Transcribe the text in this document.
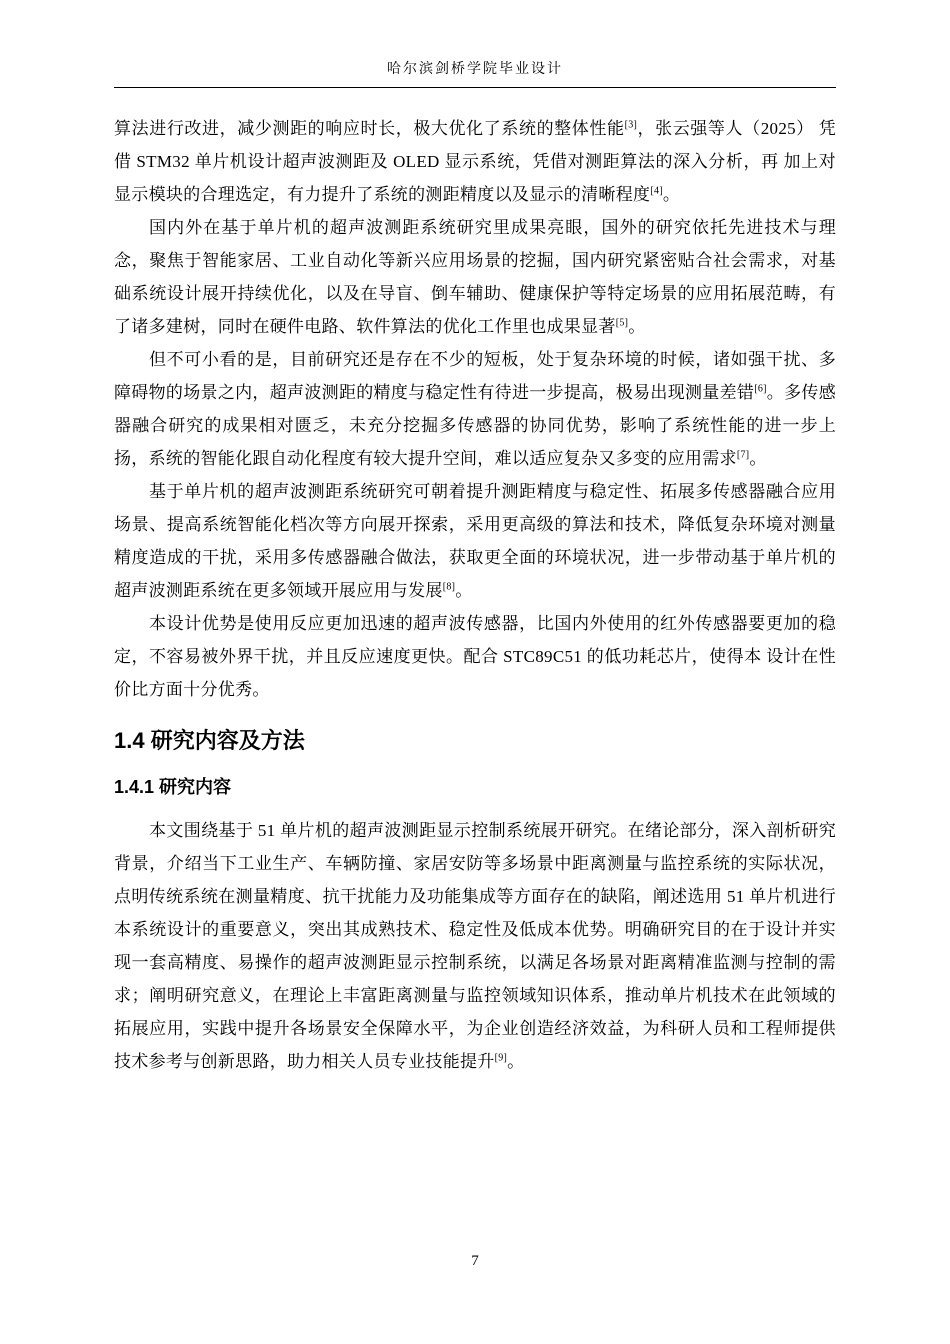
哈尔滨剑桥学院毕业设计

算法进行改进，减少测距的响应时长，极大优化了系统的整体性能[3]，张云强等人（2025） 凭借 STM32 单片机设计超声波测距及 OLED 显示系统，凭借对测距算法的深入分析，再 加上对显示模块的合理选定，有力提升了系统的测距精度以及显示的清晰程度[4]。

国内外在基于单片机的超声波测距系统研究里成果亮眼，国外的研究依托先进技术与理念，聚焦于智能家居、工业自动化等新兴应用场景的挖掘，国内研究紧密贴合社会需求，对基础系统设计展开持续优化，以及在导盲、倒车辅助、健康保护等特定场景的应用拓展范畴，有了诸多建树，同时在硬件电路、软件算法的优化工作里也成果显著[5]。

但不可小看的是，目前研究还是存在不少的短板，处于复杂环境的时候，诸如强干扰、多障碍物的场景之内，超声波测距的精度与稳定性有待进一步提高，极易出现测量差错[6]。多传感器融合研究的成果相对匮乏，未充分挖掘多传感器的协同优势，影响了系统性能的进一步上扬，系统的智能化跟自动化程度有较大提升空间，难以适应复杂又多变的应用需求[7]。

基于单片机的超声波测距系统研究可朝着提升测距精度与稳定性、拓展多传感器融合应用场景、提高系统智能化档次等方向展开探索，采用更高级的算法和技术，降低复杂环境对测量精度造成的干扰，采用多传感器融合做法，获取更全面的环境状况，进一步带动基于单片机的超声波测距系统在更多领域开展应用与发展[8]。

本设计优势是使用反应更加迅速的超声波传感器，比国内外使用的红外传感器要更加的稳定，不容易被外界干扰，并且反应速度更快。配合 STC89C51 的低功耗芯片，使得本 设计在性价比方面十分优秀。

1.4 研究内容及方法
1.4.1 研究内容

本文围绕基于 51 单片机的超声波测距显示控制系统展开研究。在绪论部分，深入剖析研究背景，介绍当下工业生产、车辆防撞、家居安防等多场景中距离测量与监控系统的实际状况，点明传统系统在测量精度、抗干扰能力及功能集成等方面存在的缺陷，阐述选用 51 单片机进行本系统设计的重要意义，突出其成熟技术、稳定性及低成本优势。明确研究目的在于设计并实现一套高精度、易操作的超声波测距显示控制系统，以满足各场景对距离精准监测与控制的需求；阐明研究意义，在理论上丰富距离测量与监控领域知识体系，推动单片机技术在此领域的拓展应用，实践中提升各场景安全保障水平，为企业创造经济效益，为科研人员和工程师提供技术参考与创新思路，助力相关人员专业技能提升[9]。

7
